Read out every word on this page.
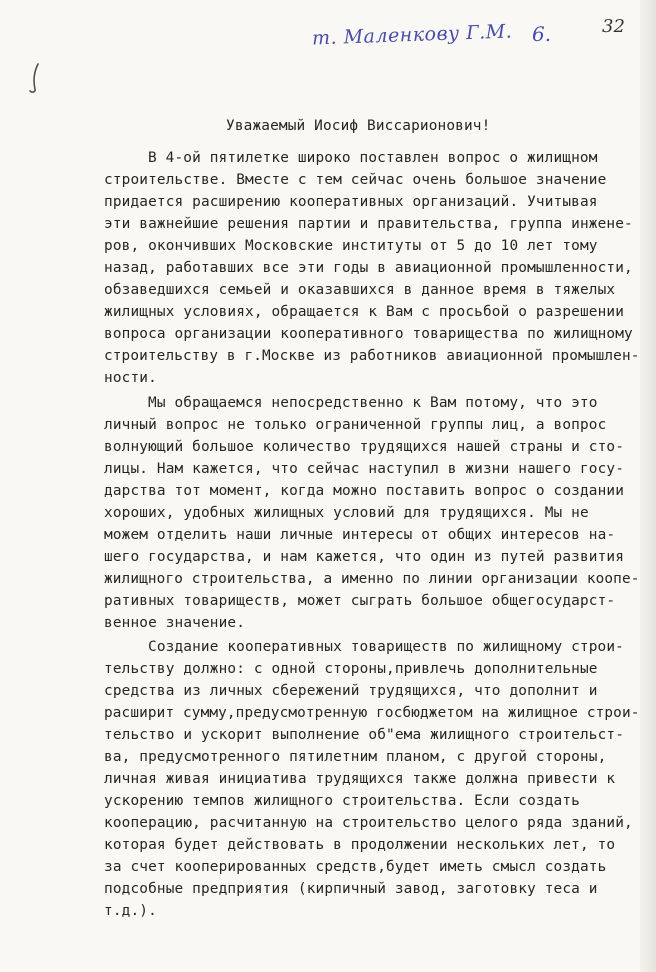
т. Маленкову Г.М. 6.	32
Уважаемый Иосиф Виссарионович!
В 4-ой пятилетке широко поставлен вопрос о жилищном
строительстве. Вместе с тем сейчас очень большое значение
придается расширению кооперативных организаций. Учитывая
эти важнейшие решения партии и правительства, группа инжене-
ров, окончивших Московские институты от 5 до 10 лет тому
назад, работавших все эти годы в авиационной промышленности,
обзаведшихся семьей и оказавшихся в данное время в тяжелых
жилищных условиях, обращается к Вам с просьбой о разрешении
вопроса организации кооперативного товарищества по жилищному
строительству в г.Москве из работников авиационной промышлен-
ности.
Мы обращаемся непосредственно к Вам потому, что это
личный вопрос не только ограниченной группы лиц, а вопрос
волнующий большое количество трудящихся нашей страны и сто-
лицы. Нам кажется, что сейчас наступил в жизни нашего госу-
дарства тот момент, когда можно поставить вопрос о создании
хороших, удобных жилищных условий для трудящихся. Мы не
можем отделить наши личные интересы от общих интересов на-
шего государства, и нам кажется, что один из путей развития
жилищного строительства, а именно по линии организации коопе-
ративных товариществ, может сыграть большое общегосударст-
венное значение.
Создание кооперативных товариществ по жилищному строи-
тельству должно: с одной стороны,привлечь дополнительные
средства из личных сбережений трудящихся, что дополнит и
расширит сумму,предусмотренную госбюджетом на жилищное строи-
тельство и ускорит выполнение об"ема жилищного строительст-
ва, предусмотренного пятилетним планом, с другой стороны,
личная живая инициатива трудящихся также должна привести к
ускорению темпов жилищного строительства. Если создать
кооперацию, расчитанную на строительство целого ряда зданий,
которая будет действовать в продолжении нескольких лет, то
за счет кооперированных средств,будет иметь смысл создать
подсобные предприятия (кирпичный завод, заготовку теса и
т.д.).
